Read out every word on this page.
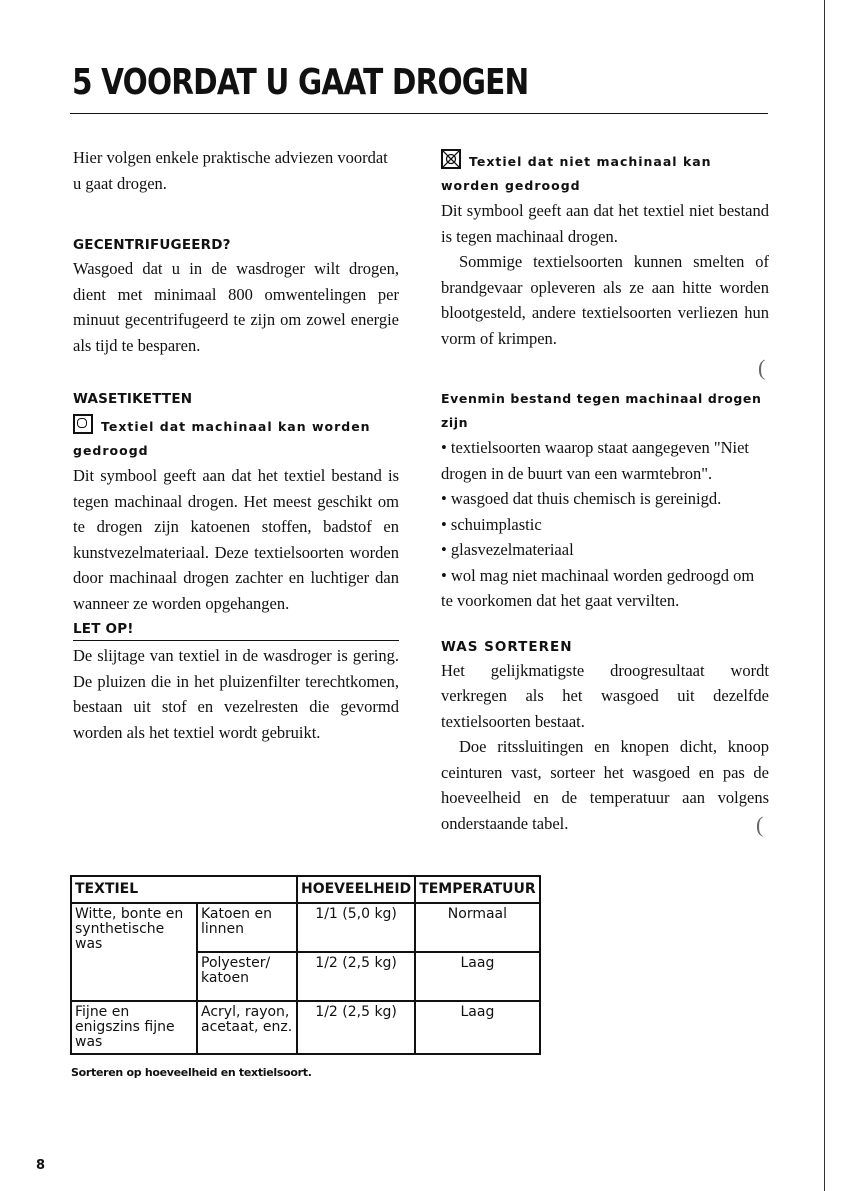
5 VOORDAT U GAAT DROGEN

Hier volgen enkele praktische adviezen voordat u gaat drogen.

GECENTRIFUGEERD?

Wasgoed dat u in de wasdroger wilt drogen, dient met minimaal 800 omwentelingen per minuut gecentrifugeerd te zijn om zowel energie als tijd te besparen.

WASETIKETTEN
Textiel dat machinaal kan worden gedroogd

Dit symbool geeft aan dat het textiel bestand is tegen machinaal drogen. Het meest geschikt om te drogen zijn katoenen stoffen, badstof en kunstvezelmateriaal. Deze textielsoorten worden door machinaal drogen zachter en luchtiger dan wanneer ze worden opgehangen.

LET OP!

De slijtage van textiel in de wasdroger is gering. De pluizen die in het pluizenfilter terechtkomen, bestaan uit stof en vezelresten die gevormd worden als het textiel wordt gebruikt.

Textiel dat niet machinaal kan worden gedroogd

Dit symbool geeft aan dat het textiel niet bestand is tegen machinaal drogen.

Sommige textielsoorten kunnen smelten of brandgevaar opleveren als ze aan hitte worden blootgesteld, andere textielsoorten verliezen hun vorm of krimpen.

Evenmin bestand tegen machinaal drogen zijn
• textielsoorten waarop staat aangegeven "Niet drogen in de buurt van een warmtebron".
• wasgoed dat thuis chemisch is gereinigd.
• schuimplastic
• glasvezelmateriaal
• wol mag niet machinaal worden gedroogd om te voorkomen dat het gaat vervilten.
WAS SORTEREN

Het gelijkmatigste droogresultaat wordt verkregen als het wasgoed uit dezelfde textielsoorten bestaat.

Doe ritssluitingen en knopen dicht, knoop ceinturen vast, sorteer het wasgoed en pas de hoeveelheid en de temperatuur aan volgens onderstaande tabel.

TEXTIEL		HOEVEELHEID	TEMPERATUUR
Witte, bonte en synthetische was	Katoen en linnen	1/1 (5,0 kg)	Normaal
	Polyester/ katoen	1/2 (2,5 kg)	Laag
Fijne en enigszins fijne was	Acryl, rayon, acetaat, enz.	1/2 (2,5 kg)	Laag
Sorteren op hoeveelheid en textielsoort.
8
(
(
